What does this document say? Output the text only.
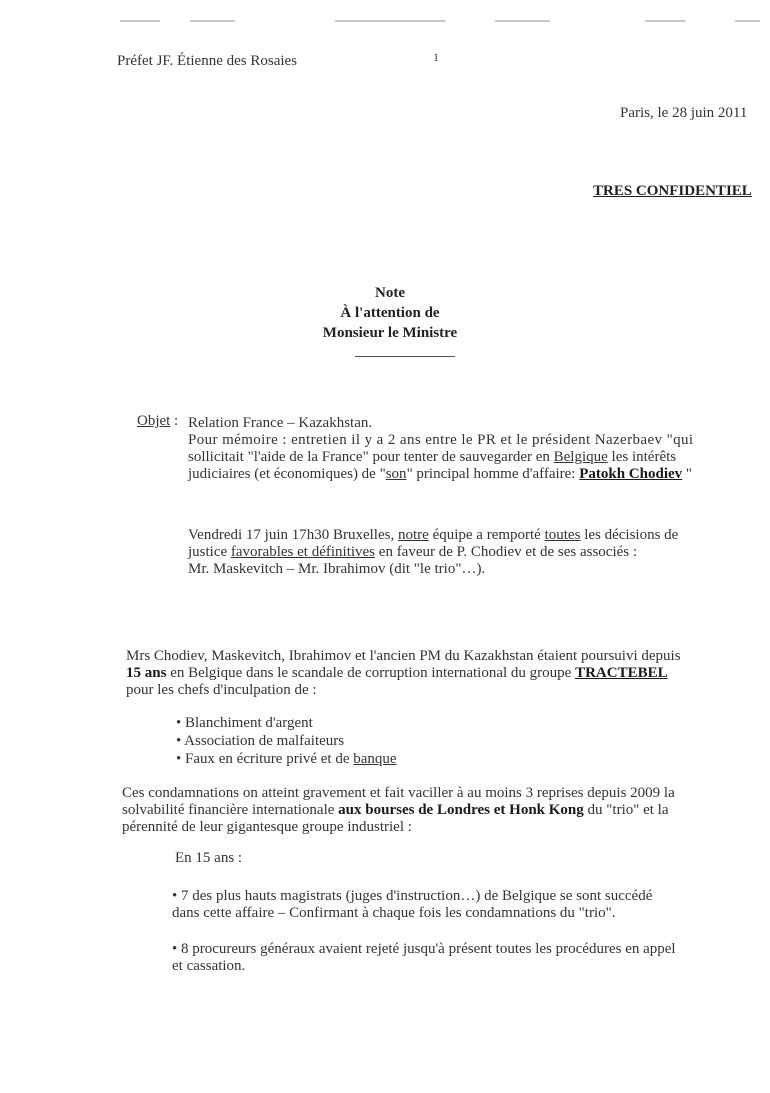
Préfet JF. Étienne des Rosaies	1
Paris, le 28 juin 2011
TRES CONFIDENTIEL
Note
À l'attention de
Monsieur le Ministre
Objet : Relation France – Kazakhstan.
Pour mémoire : entretien il y a 2 ans entre le PR et le président Nazerbaev "qui
sollicitait "l'aide de la France" pour tenter de sauvegarder en Belgique les intérêts
judiciaires (et économiques) de "son" principal homme d'affaire: Patokh Chodiev "
Vendredi 17 juin 17h30 Bruxelles, notre équipe a remporté toutes les décisions de
justice favorables et définitives en faveur de P. Chodiev et de ses associés :
Mr. Maskevitch – Mr. Ibrahimov (dit "le trio"…).
Mrs Chodiev, Maskevitch, Ibrahimov et l'ancien PM du Kazakhstan étaient poursuivi depuis
15 ans en Belgique dans le scandale de corruption international du groupe TRACTEBEL
pour les chefs d'inculpation de :
• Blanchiment d'argent
• Association de malfaiteurs
• Faux en écriture privé et de banque
Ces condamnations on atteint gravement et fait vaciller à au moins 3 reprises depuis 2009 la
solvabilité financière internationale aux bourses de Londres et Honk Kong du "trio" et la
pérennité de leur gigantesque groupe industriel :
En 15 ans :
• 7 des plus hauts magistrats (juges d'instruction…) de Belgique se sont succédé
dans cette affaire – Confirmant à chaque fois les condamnations du "trio".
• 8 procureurs généraux avaient rejeté jusqu'à présent toutes les procédures en appel
et cassation.
